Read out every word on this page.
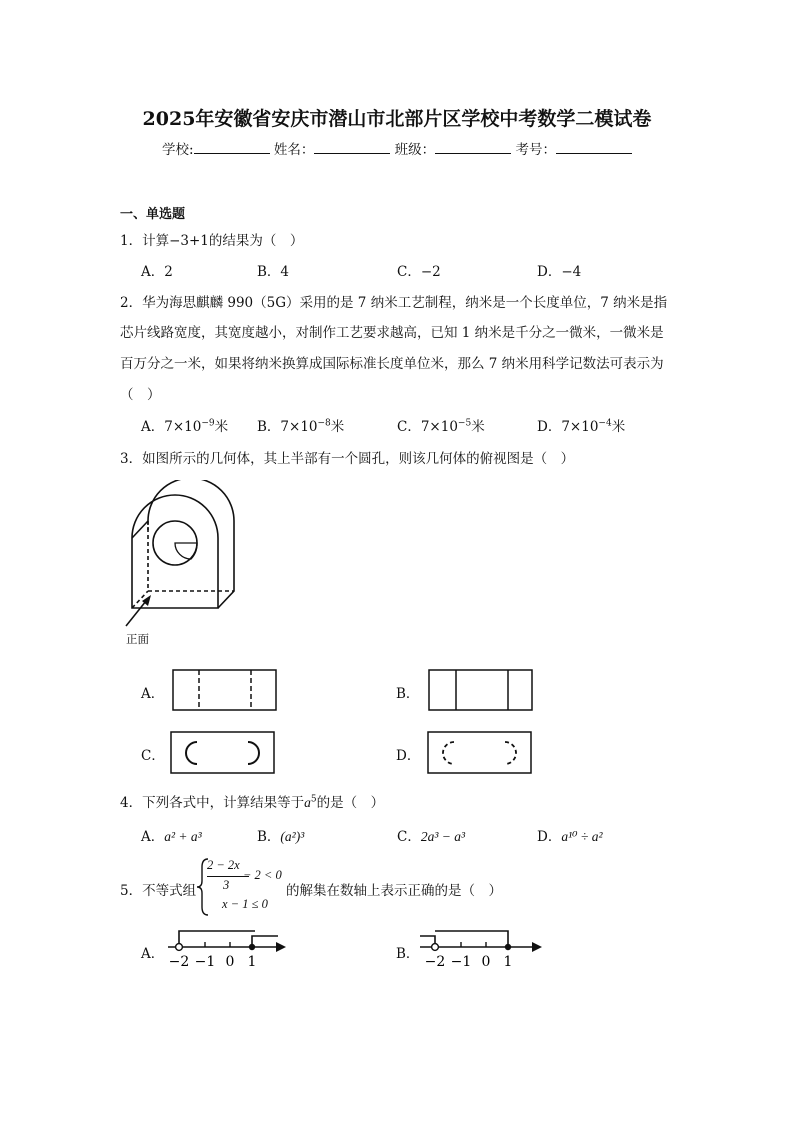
2025年安徽省安庆市潜山市北部片区学校中考数学二模试卷
学校:	姓名：	班级：	考号：
一、单选题
1．计算−3+1的结果为（　）
A．2	B．4	C．−2	D．−4
2．华为海思麒麟 990（5G）采用的是 7 纳米工艺制程，纳米是一个长度单位，7 纳米是指
芯片线路宽度，其宽度越小，对制作工艺要求越高，已知 1 纳米是千分之一微米，一微米是
百万分之一米，如果将纳米换算成国际标准长度单位米，那么 7 纳米用科学记数法可表示为
（　）
A．$7\times 10^{-9}$米 B．$7\times 10^{-8}$米	C．$7\times 10^{-5}$米	D．$7\times 10^{-4}$米
3．如图所示的几何体，其上半部有一个圆孔，则该几何体的俯视图是（　）
正面
A．	B．
C．	D．
4．下列各式中，计算结果等于$a^5$的是（　）
A．a² + a³	B．(a²)³	C．2a³ − a³	D．a¹⁰ ÷ a²
5．不等式组
2 − 2x
3
− 2 < 0
x − 1 ≤ 0
的解集在数轴上表示正确的是（　）
A． −2 −1 0 1	B． −2 −1 0 1
